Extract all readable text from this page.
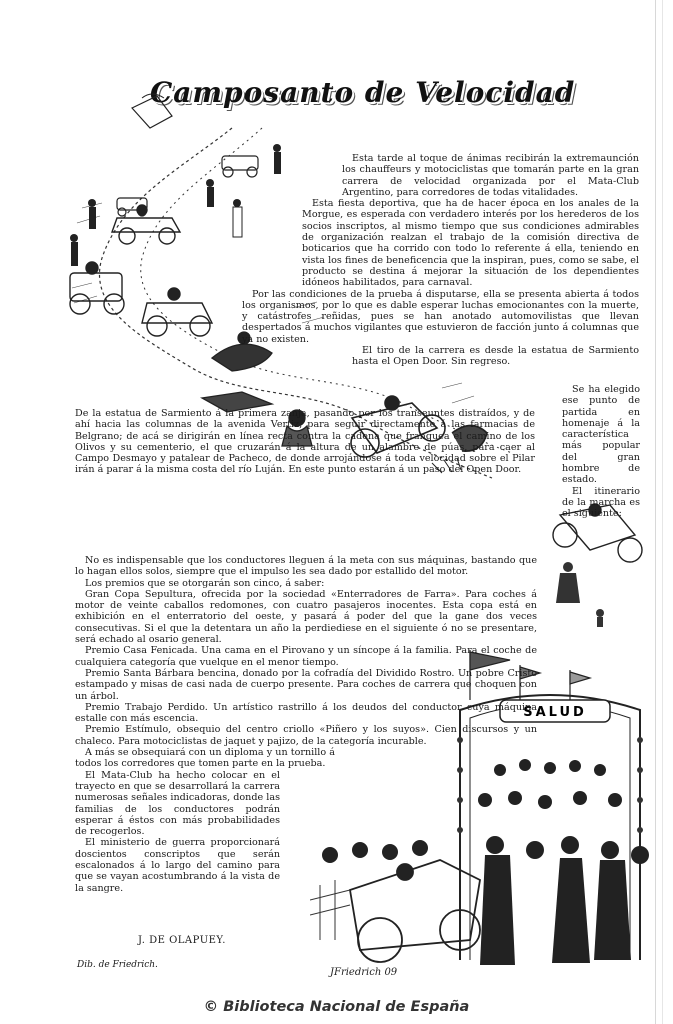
Camposanto de Velocidad
SALUD
JFriedrich 09

Esta tarde al toque de ánimas recibirán la extremaunción los chauffeurs y motociclistas que tomarán parte en la gran carrera de velocidad organizada por el Mata-Club Argentino, para corredores de todas vitalidades.

Esta fiesta deportiva, que ha de hacer época en los anales de la Morgue, es esperada con verdadero interés por los herederos de los socios inscriptos, al mismo tiempo que sus condiciones admirables de organización realzan el trabajo de la comisión directiva de boticarios que ha corrido con todo lo referente á ella, teniendo en vista los fines de beneficencia que la inspiran, pues, como se sabe, el producto se destina á mejorar la situación de los dependientes idóneos habilitados, para carnaval.

Por las condiciones de la prueba á disputarse, ella se presenta abierta á todos los organismos, por lo que es dable esperar luchas emocionantes con la muerte, y catástrofes reñidas, pues se han anotado automovilistas que llevan despertados á muchos vigilantes que estuvieron de facción junto á columnas que ya no existen.

El tiro de la carrera es desde la estatua de Sarmiento hasta el Open Door. Sin regreso.

Se ha elegido ese punto de partida en homenaje á la característica más popular del gran hombre de estado.

El itinerario de la marcha es el siguiente:

De la estatua de Sarmiento á la primera zanja, pasando por los transeuntes distraídos, y de ahí hacia las columnas de la avenida Vertiz, para seguir directamente á las farmacias de Belgrano; de acá se dirigirán en línea recta contra la cadena que franquea el camino de los Olivos y su cementerio, el que cruzarán á la altura de un alambre de púas, para caer al Campo Desmayo y patalear de Pacheco, de donde arrojándose á toda velocidad sobre el Pilar irán á parar á la misma costa del río Luján. En este punto estarán á un paso del Open Door.

No es indispensable que los conductores lleguen á la meta con sus máquinas, bastando que lo hagan ellos solos, siempre que el impulso les sea dado por estallido del motor.

Los premios que se otorgarán son cinco, á saber:

Gran Copa Sepultura, ofrecida por la sociedad «Enterradores de Farra». Para coches á motor de veinte caballos redomones, con cuatro pasajeros inocentes. Esta copa está en exhibición en el enterratorio del oeste, y pasará á poder del que la gane dos veces consecutivas. Si el que la detentara un año la perdiediese en el siguiente ó no se presentare, será echado al osario general.

Premio Casa Fenicada. Una cama en el Pirovano y un síncope á la familia. Para el coche de cualquiera categoría que vuelque en el menor tiempo.

Premio Santa Bárbara bencina, donado por la cofradía del Dividido Rostro. Un pobre Cristo estampado y misas de casi nada de cuerpo presente. Para coches de carrera que choquen con un árbol.

Premio Trabajo Perdido. Un artístico rastrillo á los deudos del conductor cuya máquina estalle con más escencia.

Premio Estímulo, obsequio del centro criollo «Piñero y los suyos». Cien discursos y un chaleco. Para motociclistas de jaquet y pajizo, de la categoría incurable.

A más se obsequiará con un diploma y un tornillo á todos los corredores que tomen parte en la prueba.

El Mata-Club ha hecho colocar en el trayecto en que se desarrollará la carrera numerosas señales indicadoras, donde las familias de los conductores podrán esperar á éstos con más probabilidades de recogerlos.

El ministerio de guerra proporcionará doscientos conscriptos que serán escalonados á lo largo del camino para que se vayan acostumbrando á la vista de la sangre.

J. DE OLAPUEY.
Dib. de Friedrich.
© Biblioteca Nacional de España
